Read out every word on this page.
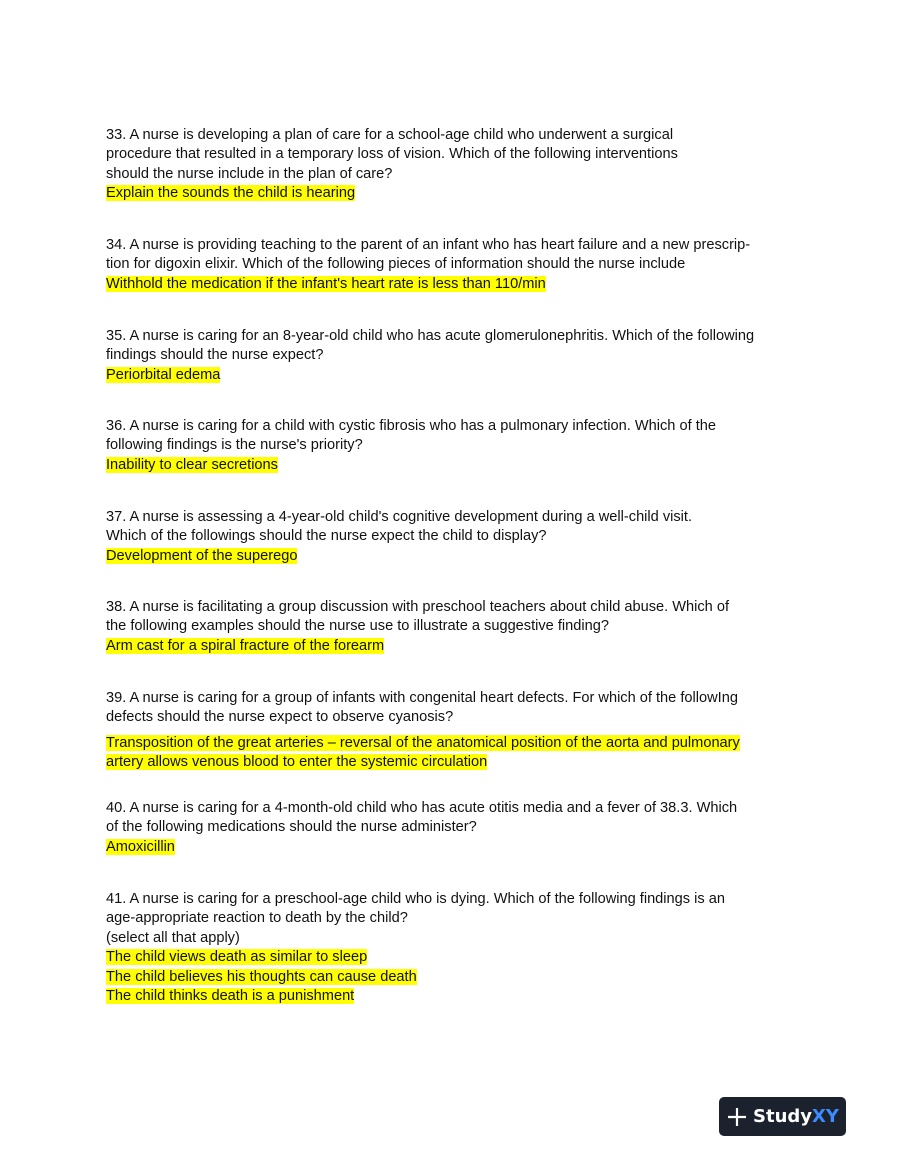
33. A nurse is developing a plan of care for a school-age child who underwent a surgical
procedure that resulted in a temporary loss of vision. Which of the following interventions
should the nurse include in the plan of care?
Explain the sounds the child is hearing
34. A nurse is providing teaching to the parent of an infant who has heart failure and a new prescrip-
tion for digoxin elixir. Which of the following pieces of information should the nurse include
Withhold the medication if the infant's heart rate is less than 110/min
35. A nurse is caring for an 8-year-old child who has acute glomerulonephritis. Which of the following
findings should the nurse expect?
Periorbital edema
36. A nurse is caring for a child with cystic fibrosis who has a pulmonary infection. Which of the
following findings is the nurse's priority?
Inability to clear secretions
37. A nurse is assessing a 4-year-old child's cognitive development during a well-child visit.
Which of the followings should the nurse expect the child to display?
Development of the superego
38. A nurse is facilitating a group discussion with preschool teachers about child abuse. Which of
the following examples should the nurse use to illustrate a suggestive finding?
Arm cast for a spiral fracture of the forearm
39. A nurse is caring for a group of infants with congenital heart defects. For which of the followIng
defects should the nurse expect to observe cyanosis?
Transposition of the great arteries – reversal of the anatomical position of the aorta and pulmonary
artery allows venous blood to enter the systemic circulation
40. A nurse is caring for a 4-month-old child who has acute otitis media and a fever of 38.3. Which
of the following medications should the nurse administer?
Amoxicillin
41. A nurse is caring for a preschool-age child who is dying. Which of the following findings is an
age-appropriate reaction to death by the child?
(select all that apply)
The child views death as similar to sleep
The child believes his thoughts can cause death
The child thinks death is a punishment
Study XY
